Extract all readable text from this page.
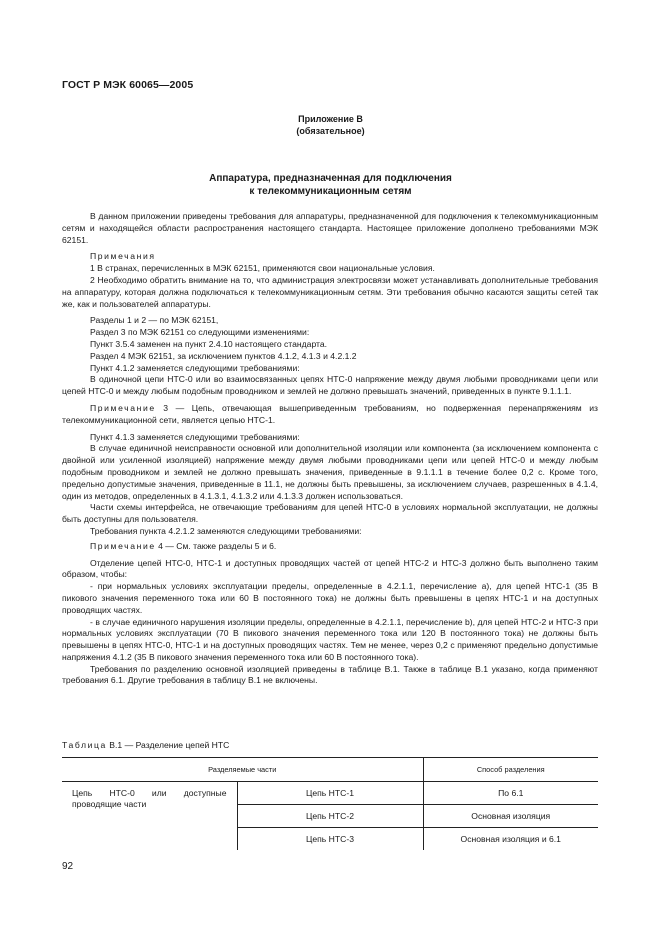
ГОСТ Р МЭК 60065—2005
Приложение В
(обязательное)
Аппаратура, предназначенная для подключения
к телекоммуникационным сетям

В данном приложении приведены требования для аппаратуры, предназначенной для подключения к телекоммуникационным сетям и находящейся области распространения настоящего стандарта. Настоящее приложение дополнено требованиями МЭК 62151.

Примечания

1 В странах, перечисленных в МЭК 62151, применяются свои национальные условия.

2 Необходимо обратить внимание на то, что администрация электросвязи может устанавливать дополнительные требования на аппаратуру, которая должна подключаться к телекоммуникационным сетям. Эти требования обычно касаются защиты сетей так же, как и пользователей аппаратуры.

Разделы 1 и 2 — по МЭК 62151,

Раздел 3 по МЭК 62151 со следующими изменениями:

Пункт 3.5.4 заменен на пункт 2.4.10 настоящего стандарта.

Раздел 4 МЭК 62151, за исключением пунктов 4.1.2, 4.1.3 и 4.2.1.2

Пункт 4.1.2 заменяется следующими требованиями:

В одиночной цепи НТС-0 или во взаимосвязанных цепях НТС-0 напряжение между двумя любыми проводниками цепи или цепей НТС-0 и между любым подобным проводником и землей не должно превышать значений, приведенных в пункте 9.1.1.1.

Примечание 3 — Цепь, отвечающая вышеприведенным требованиям, но подверженная перенапряжениям из телекоммуникационной сети, является цепью НТС-1.

Пункт 4.1.3 заменяется следующими требованиями:

В случае единичной неисправности основной или дополнительной изоляции или компонента (за исключением компонента с двойной или усиленной изоляцией) напряжение между двумя любыми проводниками цепи или цепей НТС-0 и между любым подобным проводником и землей не должно превышать значения, приведенные в 9.1.1.1 в течение более 0,2 с. Кроме того, предельно допустимые значения, приведенные в 11.1, не должны быть превышены, за исключением случаев, разрешенных в 4.1.4, один из методов, определенных в 4.1.3.1, 4.1.3.2 или 4.1.3.3 должен использоваться.

Части схемы интерфейса, не отвечающие требованиям для цепей НТС-0 в условиях нормальной эксплуатации, не должны быть доступны для пользователя.

Требования пункта 4.2.1.2 заменяются следующими требованиями:

Примечание 4 — См. также разделы 5 и 6.

Отделение цепей НТС-0, НТС-1 и доступных проводящих частей от цепей НТС-2 и НТС-3 должно быть выполнено таким образом, чтобы:

- при нормальных условиях эксплуатации пределы, определенные в 4.2.1.1, перечисление а), для цепей НТС-1 (35 В пикового значения переменного тока или 60 В постоянного тока) не должны быть превышены в цепях НТС-1 и на доступных проводящих частях.

- в случае единичного нарушения изоляции пределы, определенные в 4.2.1.1, перечисление b), для цепей НТС-2 и НТС-3 при нормальных условиях эксплуатации (70 В пикового значения переменного тока или 120 В постоянного тока) не должны быть превышены в цепях НТС-0, НТС-1 и на доступных проводящих частях. Тем не менее, через 0,2 с применяют предельно допустимые напряжения 4.1.2 (35 В пикового значения переменного тока или 60 В постоянного тока).

Требования по разделению основной изоляцией приведены в таблице В.1. Также в таблице В.1 указано, когда применяют требования 6.1. Другие требования в таблицу В.1 не включены.

Таблица В.1 — Разделение цепей НТС
Разделяемые части		Способ разделения
Цепь НТС-0 или доступные проводящие части	Цепь НТС-1	По 6.1
	Цепь НТС-2	Основная изоляция
	Цепь НТС-3	Основная изоляция и 6.1
92
